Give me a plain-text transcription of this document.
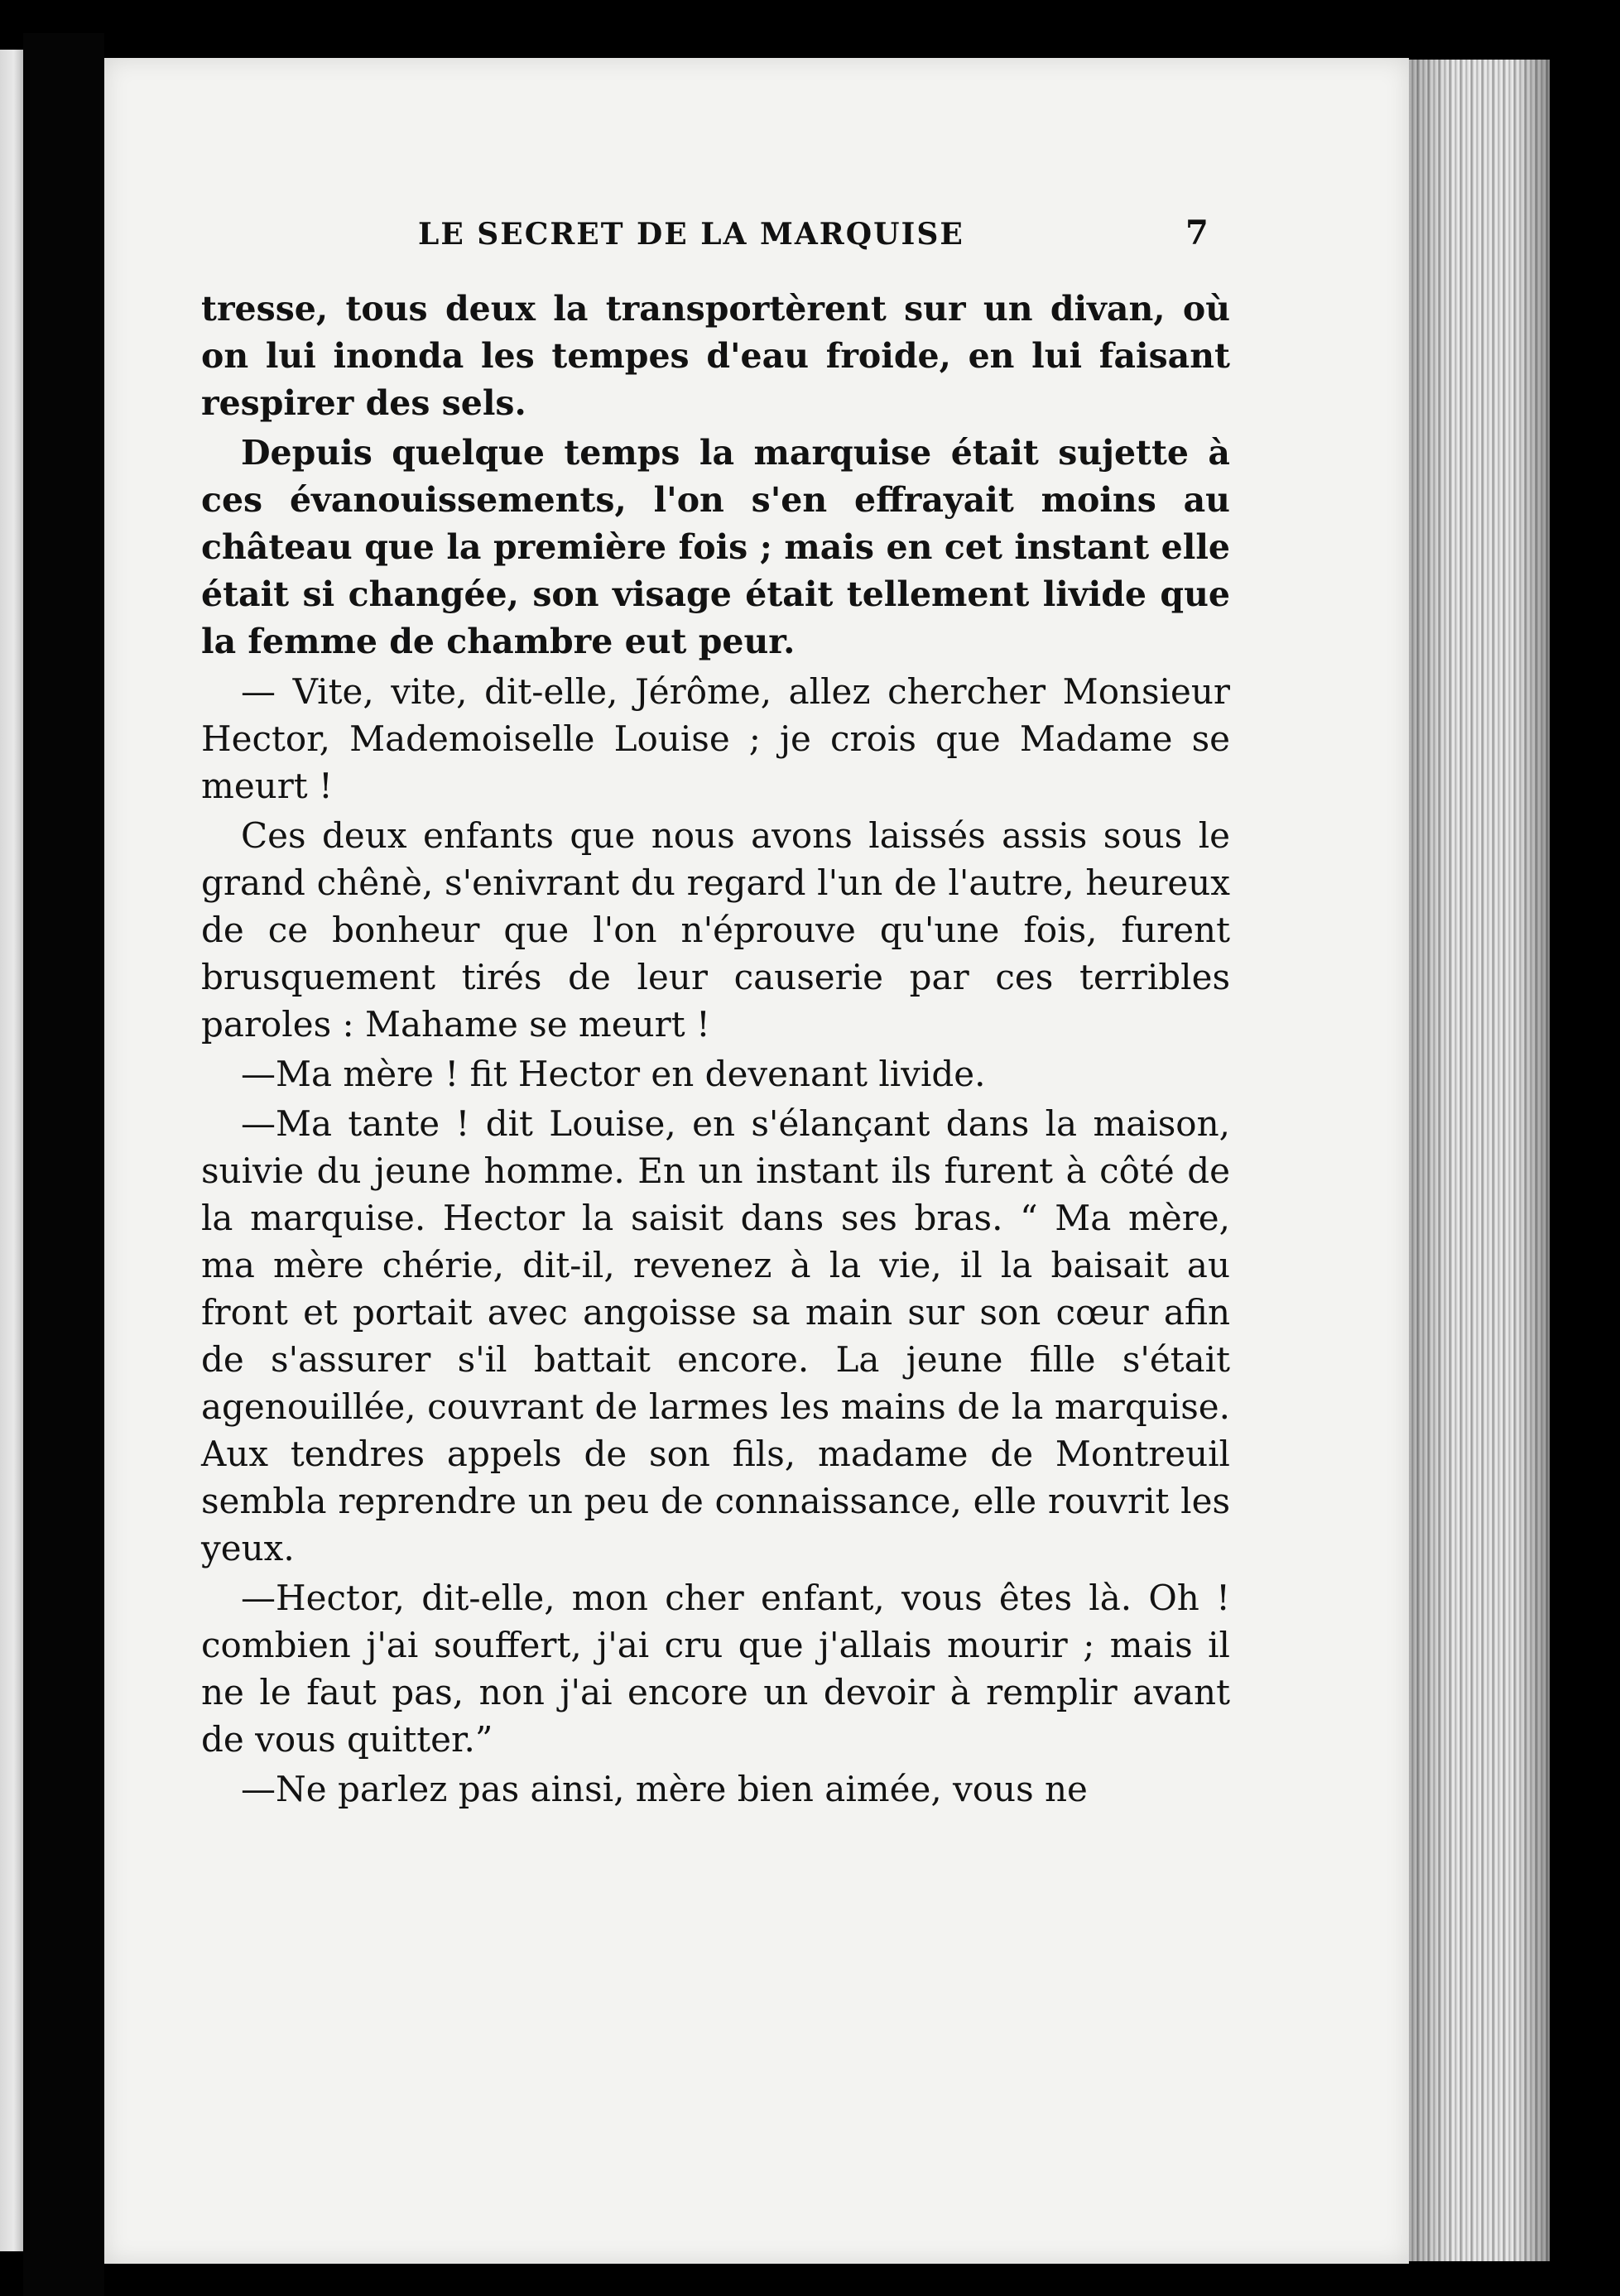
LE SECRET DE LA MARQUISE	7

tresse, tous deux la transportèrent sur un divan, où on lui inonda les tempes d'eau froide, en lui faisant respirer des sels.

Depuis quelque temps la marquise était sujette à ces évanouissements, l'on s'en effrayait moins au château que la première fois ; mais en cet instant elle était si changée, son visage était tellement livide que la femme de chambre eut peur.

— Vite, vite, dit-elle, Jérôme, allez chercher Monsieur Hector, Mademoiselle Louise ; je crois que Madame se meurt !

Ces deux enfants que nous avons laissés assis sous le grand chênè, s'enivrant du regard l'un de l'autre, heureux de ce bonheur que l'on n'éprouve qu'une fois, furent brusquement tirés de leur causerie par ces terribles paroles : Mahame se meurt !

—Ma mère ! fit Hector en devenant livide.

—Ma tante ! dit Louise, en s'élançant dans la maison, suivie du jeune homme. En un instant ils furent à côté de la marquise. Hector la saisit dans ses bras. “ Ma mère, ma mère chérie, dit-il, revenez à la vie, il la baisait au front et portait avec angoisse sa main sur son cœur afin de s'assurer s'il battait encore. La jeune fille s'était agenouillée, couvrant de larmes les mains de la marquise. Aux tendres appels de son fils, madame de Montreuil sembla reprendre un peu de connaissance, elle rouvrit les yeux.

—Hector, dit-elle, mon cher enfant, vous êtes là. Oh ! combien j'ai souffert, j'ai cru que j'allais mourir ; mais il ne le faut pas, non j'ai encore un devoir à remplir avant de vous quitter.”

—Ne parlez pas ainsi, mère bien aimée, vous ne
